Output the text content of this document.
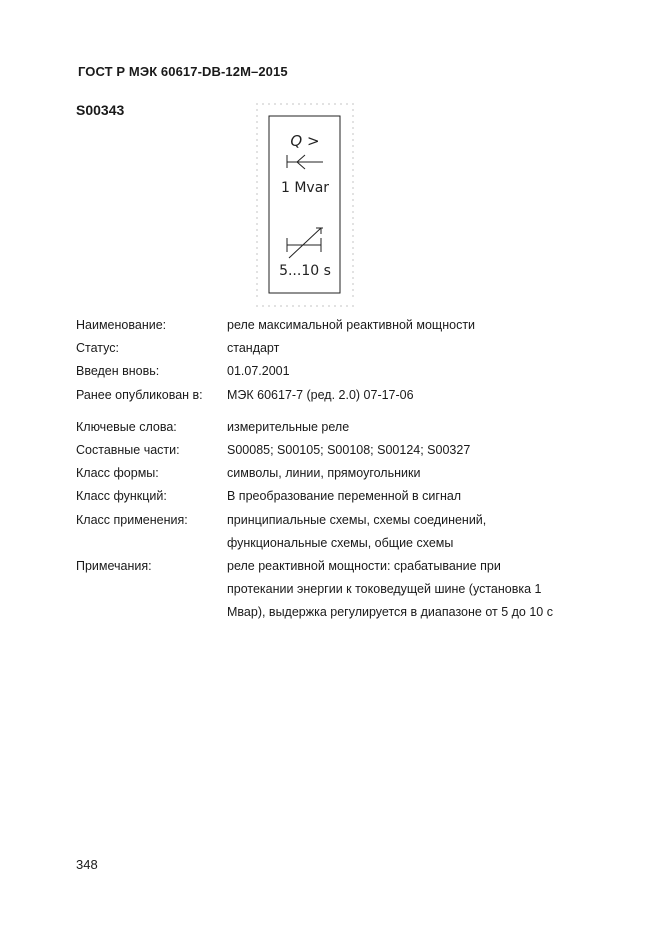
ГОСТ Р МЭК 60617-DB-12M–2015
S00343
Q >
1 Mvar
5...10 s
Наименование:	реле максимальной реактивной мощности
Статус:	стандарт
Введен вновь:	01.07.2001
Ранее опубликован в:	МЭК 60617-7 (ред. 2.0) 07-17-06
Ключевые слова:	измерительные реле
Составные части:	S00085; S00105; S00108; S00124; S00327
Класс формы:	символы, линии, прямоугольники
Класс функций:	В преобразование переменной в сигнал
Класс применения:	принципиальные схемы, схемы соединений,
функциональные схемы, общие схемы
Примечания:	реле реактивной мощности: срабатывание при
протекании энергии к токоведущей шине (установка 1
Мвар), выдержка регулируется в диапазоне от 5 до 10 с
348
